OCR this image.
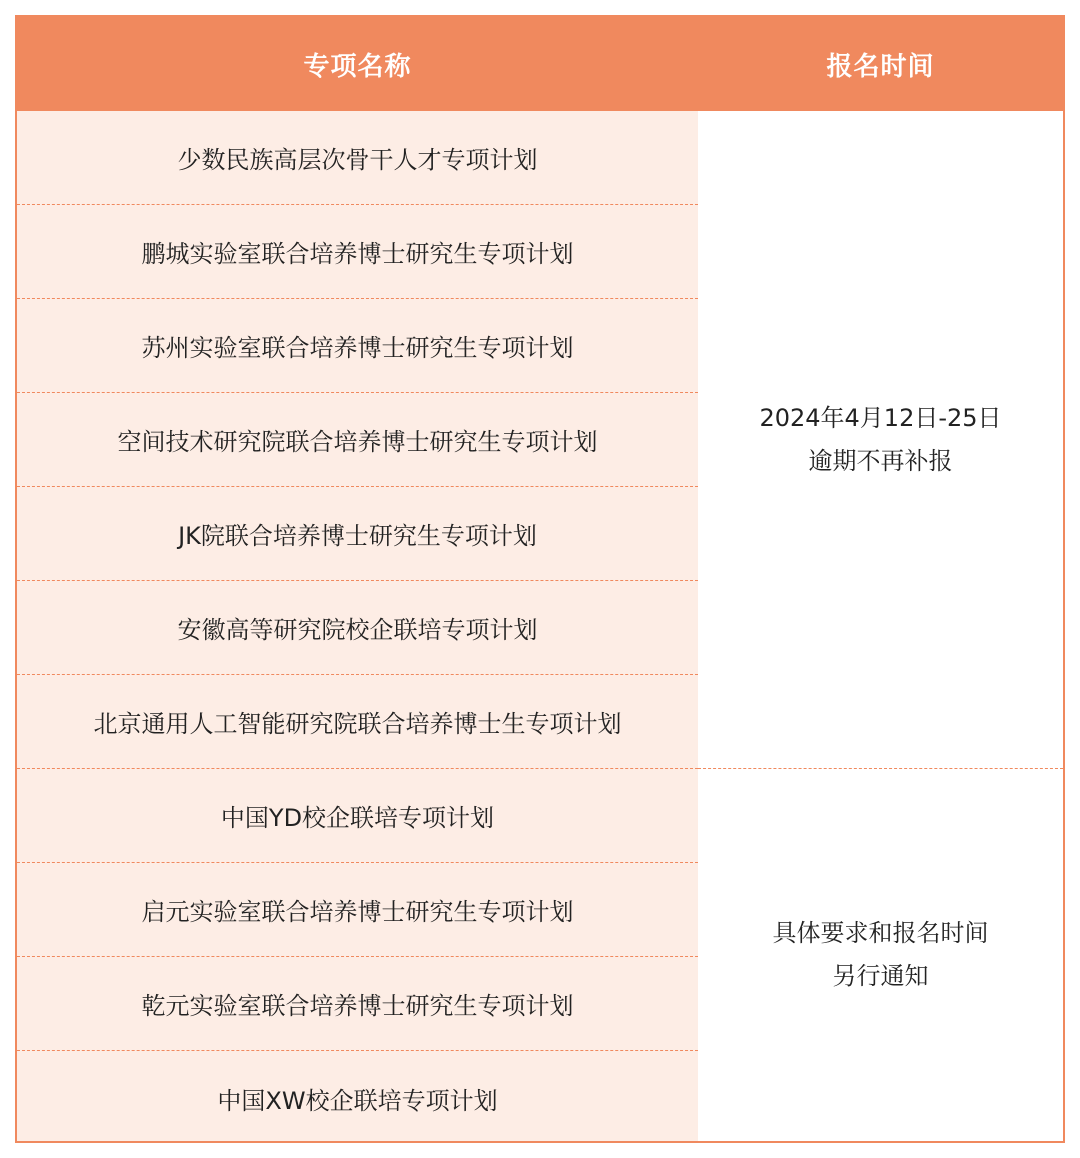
专项名称	报名时间
少数民族高层次骨干人才专项计划
鹏城实验室联合培养博士研究生专项计划
苏州实验室联合培养博士研究生专项计划
空间技术研究院联合培养博士研究生专项计划
JK院联合培养博士研究生专项计划
安徽高等研究院校企联培专项计划
北京通用人工智能研究院联合培养博士生专项计划
中国YD校企联培专项计划
启元实验室联合培养博士研究生专项计划
乾元实验室联合培养博士研究生专项计划
中国XW校企联培专项计划
2024年4月12日-25日
逾期不再补报
具体要求和报名时间
另行通知
